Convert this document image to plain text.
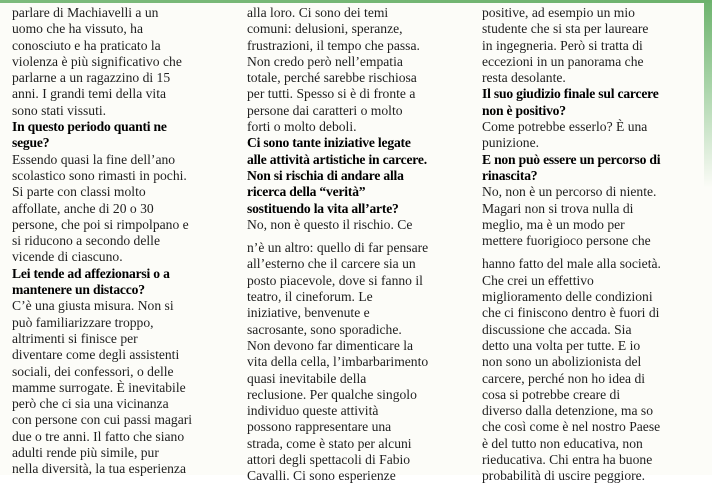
parlare di Machiavelli a un
uomo che ha vissuto, ha
conosciuto e ha praticato la
violenza è più significativo che
parlarne a un ragazzino di 15
anni. I grandi temi della vita
sono stati vissuti.
In questo periodo quanti ne
segue?
Essendo quasi la fine dell’ano
scolastico sono rimasti in pochi.
Si parte con classi molto
affollate, anche di 20 o 30
persone, che poi si rimpolpano e
si riducono a secondo delle
vicende di ciascuno.
Lei tende ad affezionarsi o a
mantenere un distacco?
C’è una giusta misura. Non si
può familiarizzare troppo,
altrimenti si finisce per
diventare come degli assistenti
sociali, dei confessori, o delle
mamme surrogate. È inevitabile
però che ci sia una vicinanza
con persone con cui passi magari
due o tre anni. Il fatto che siano
adulti rende più simile, pur
nella diversità, la tua esperienza
alla loro. Ci sono dei temi
comuni: delusioni, speranze,
frustrazioni, il tempo che passa.
Non credo però nell’empatia
totale, perché sarebbe rischiosa
per tutti. Spesso si è di fronte a
persone dai caratteri o molto
forti o molto deboli.
Ci sono tante iniziative legate
alle attività artistiche in carcere.
Non si rischia di andare alla
ricerca della “verità”
sostituendo la vita all’arte?
No, non è questo il rischio. Ce
n’è un altro: quello di far pensare
all’esterno che il carcere sia un
posto piacevole, dove si fanno il
teatro, il cineforum. Le
iniziative, benvenute e
sacrosante, sono sporadiche.
Non devono far dimenticare la
vita della cella, l’imbarbarimento
quasi inevitabile della
reclusione. Per qualche singolo
individuo queste attività
possono rappresentare una
strada, come è stato per alcuni
attori degli spettacoli di Fabio
Cavalli. Ci sono esperienze
positive, ad esempio un mio
studente che si sta per laureare
in ingegneria. Però si tratta di
eccezioni in un panorama che
resta desolante.
Il suo giudizio finale sul carcere
non è positivo?
Come potrebbe esserlo? È una
punizione.
E non può essere un percorso di
rinascita?
No, non è un percorso di niente.
Magari non si trova nulla di
meglio, ma è un modo per
mettere fuorigioco persone che
hanno fatto del male alla società.
Che crei un effettivo
miglioramento delle condizioni
che ci finiscono dentro è fuori di
discussione che accada. Sia
detto una volta per tutte. E io
non sono un abolizionista del
carcere, perché non ho idea di
cosa si potrebbe creare di
diverso dalla detenzione, ma so
che così come è nel nostro Paese
è del tutto non educativa, non
rieducativa. Chi entra ha buone
probabilità di uscire peggiore.
